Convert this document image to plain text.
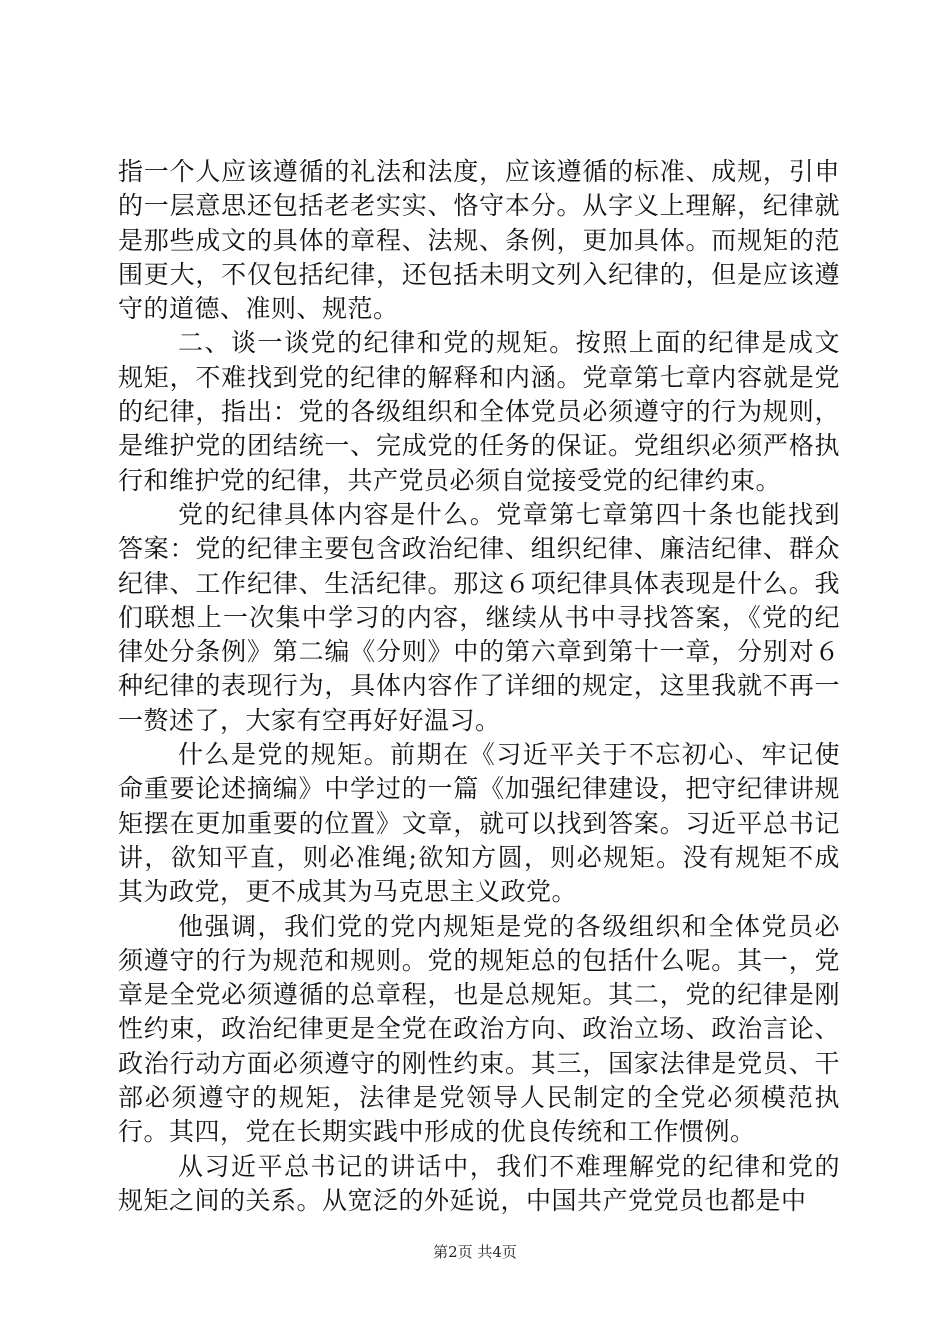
指一个人应该遵循的礼法和法度，应该遵循的标准、成规，引申的一层意思还包括老老实实、恪守本分。从字义上理解，纪律就是那些成文的具体的章程、法规、条例，更加具体。而规矩的范围更大，不仅包括纪律，还包括未明文列入纪律的，但是应该遵守的道德、准则、规范。

二、谈一谈党的纪律和党的规矩。按照上面的纪律是成文规矩，不难找到党的纪律的解释和内涵。党章第七章内容就是党的纪律，指出：党的各级组织和全体党员必须遵守的行为规则，是维护党的团结统一、完成党的任务的保证。党组织必须严格执行和维护党的纪律，共产党员必须自觉接受党的纪律约束。

党的纪律具体内容是什么。党章第七章第四十条也能找到答案：党的纪律主要包含政治纪律、组织纪律、廉洁纪律、群众纪律、工作纪律、生活纪律。那这６项纪律具体表现是什么。我们联想上一次集中学习的内容，继续从书中寻找答案，《党的纪律处分条例》第二编《分则》中的第六章到第十一章，分别对６种纪律的表现行为，具体内容作了详细的规定，这里我就不再一一赘述了，大家有空再好好温习。

什么是党的规矩。前期在《习近平关于不忘初心、牢记使命重要论述摘编》中学过的一篇《加强纪律建设，把守纪律讲规矩摆在更加重要的位置》文章，就可以找到答案。习近平总书记讲，欲知平直，则必准绳;欲知方圆，则必规矩。没有规矩不成其为政党，更不成其为马克思主义政党。

他强调，我们党的党内规矩是党的各级组织和全体党员必须遵守的行为规范和规则。党的规矩总的包括什么呢。其一，党章是全党必须遵循的总章程，也是总规矩。其二，党的纪律是刚性约束，政治纪律更是全党在政治方向、政治立场、政治言论、政治行动方面必须遵守的刚性约束。其三，国家法律是党员、干部必须遵守的规矩，法律是党领导人民制定的全党必须模范执行。其四，党在长期实践中形成的优良传统和工作惯例。

从习近平总书记的讲话中，我们不难理解党的纪律和党的规矩之间的关系。从宽泛的外延说，中国共产党党员也都是中

第2页 共4页
